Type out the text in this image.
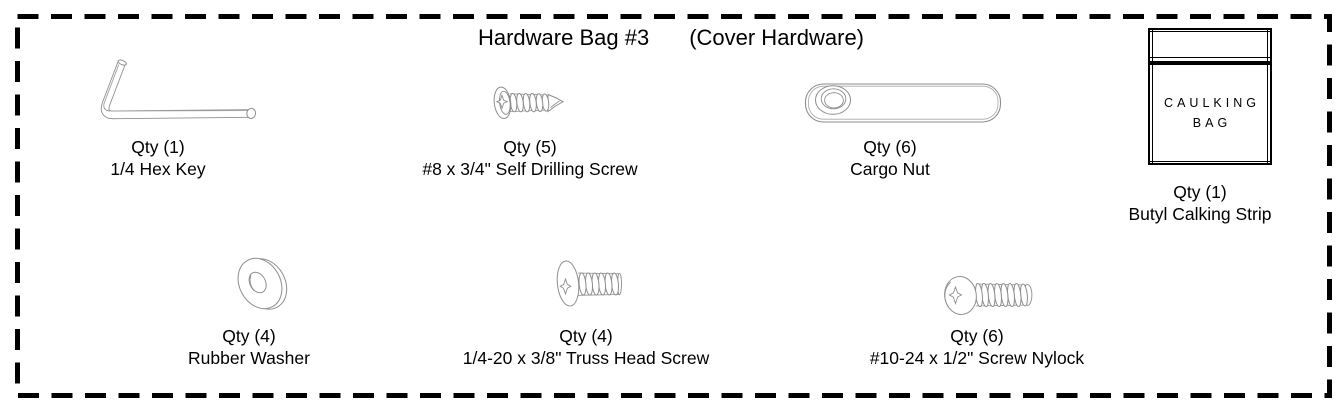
Hardware Bag #3 (Cover Hardware)
CAULKING
BAG
Qty (1)
1/4 Hex Key
Qty (5)
#8 x 3/4" Self Drilling Screw
Qty (6)
Cargo Nut
Qty (1)
Butyl Calking Strip
Qty (4)
Rubber Washer
Qty (4)
1/4-20 x 3/8" Truss Head Screw
Qty (6)
#10-24 x 1/2" Screw Nylock
